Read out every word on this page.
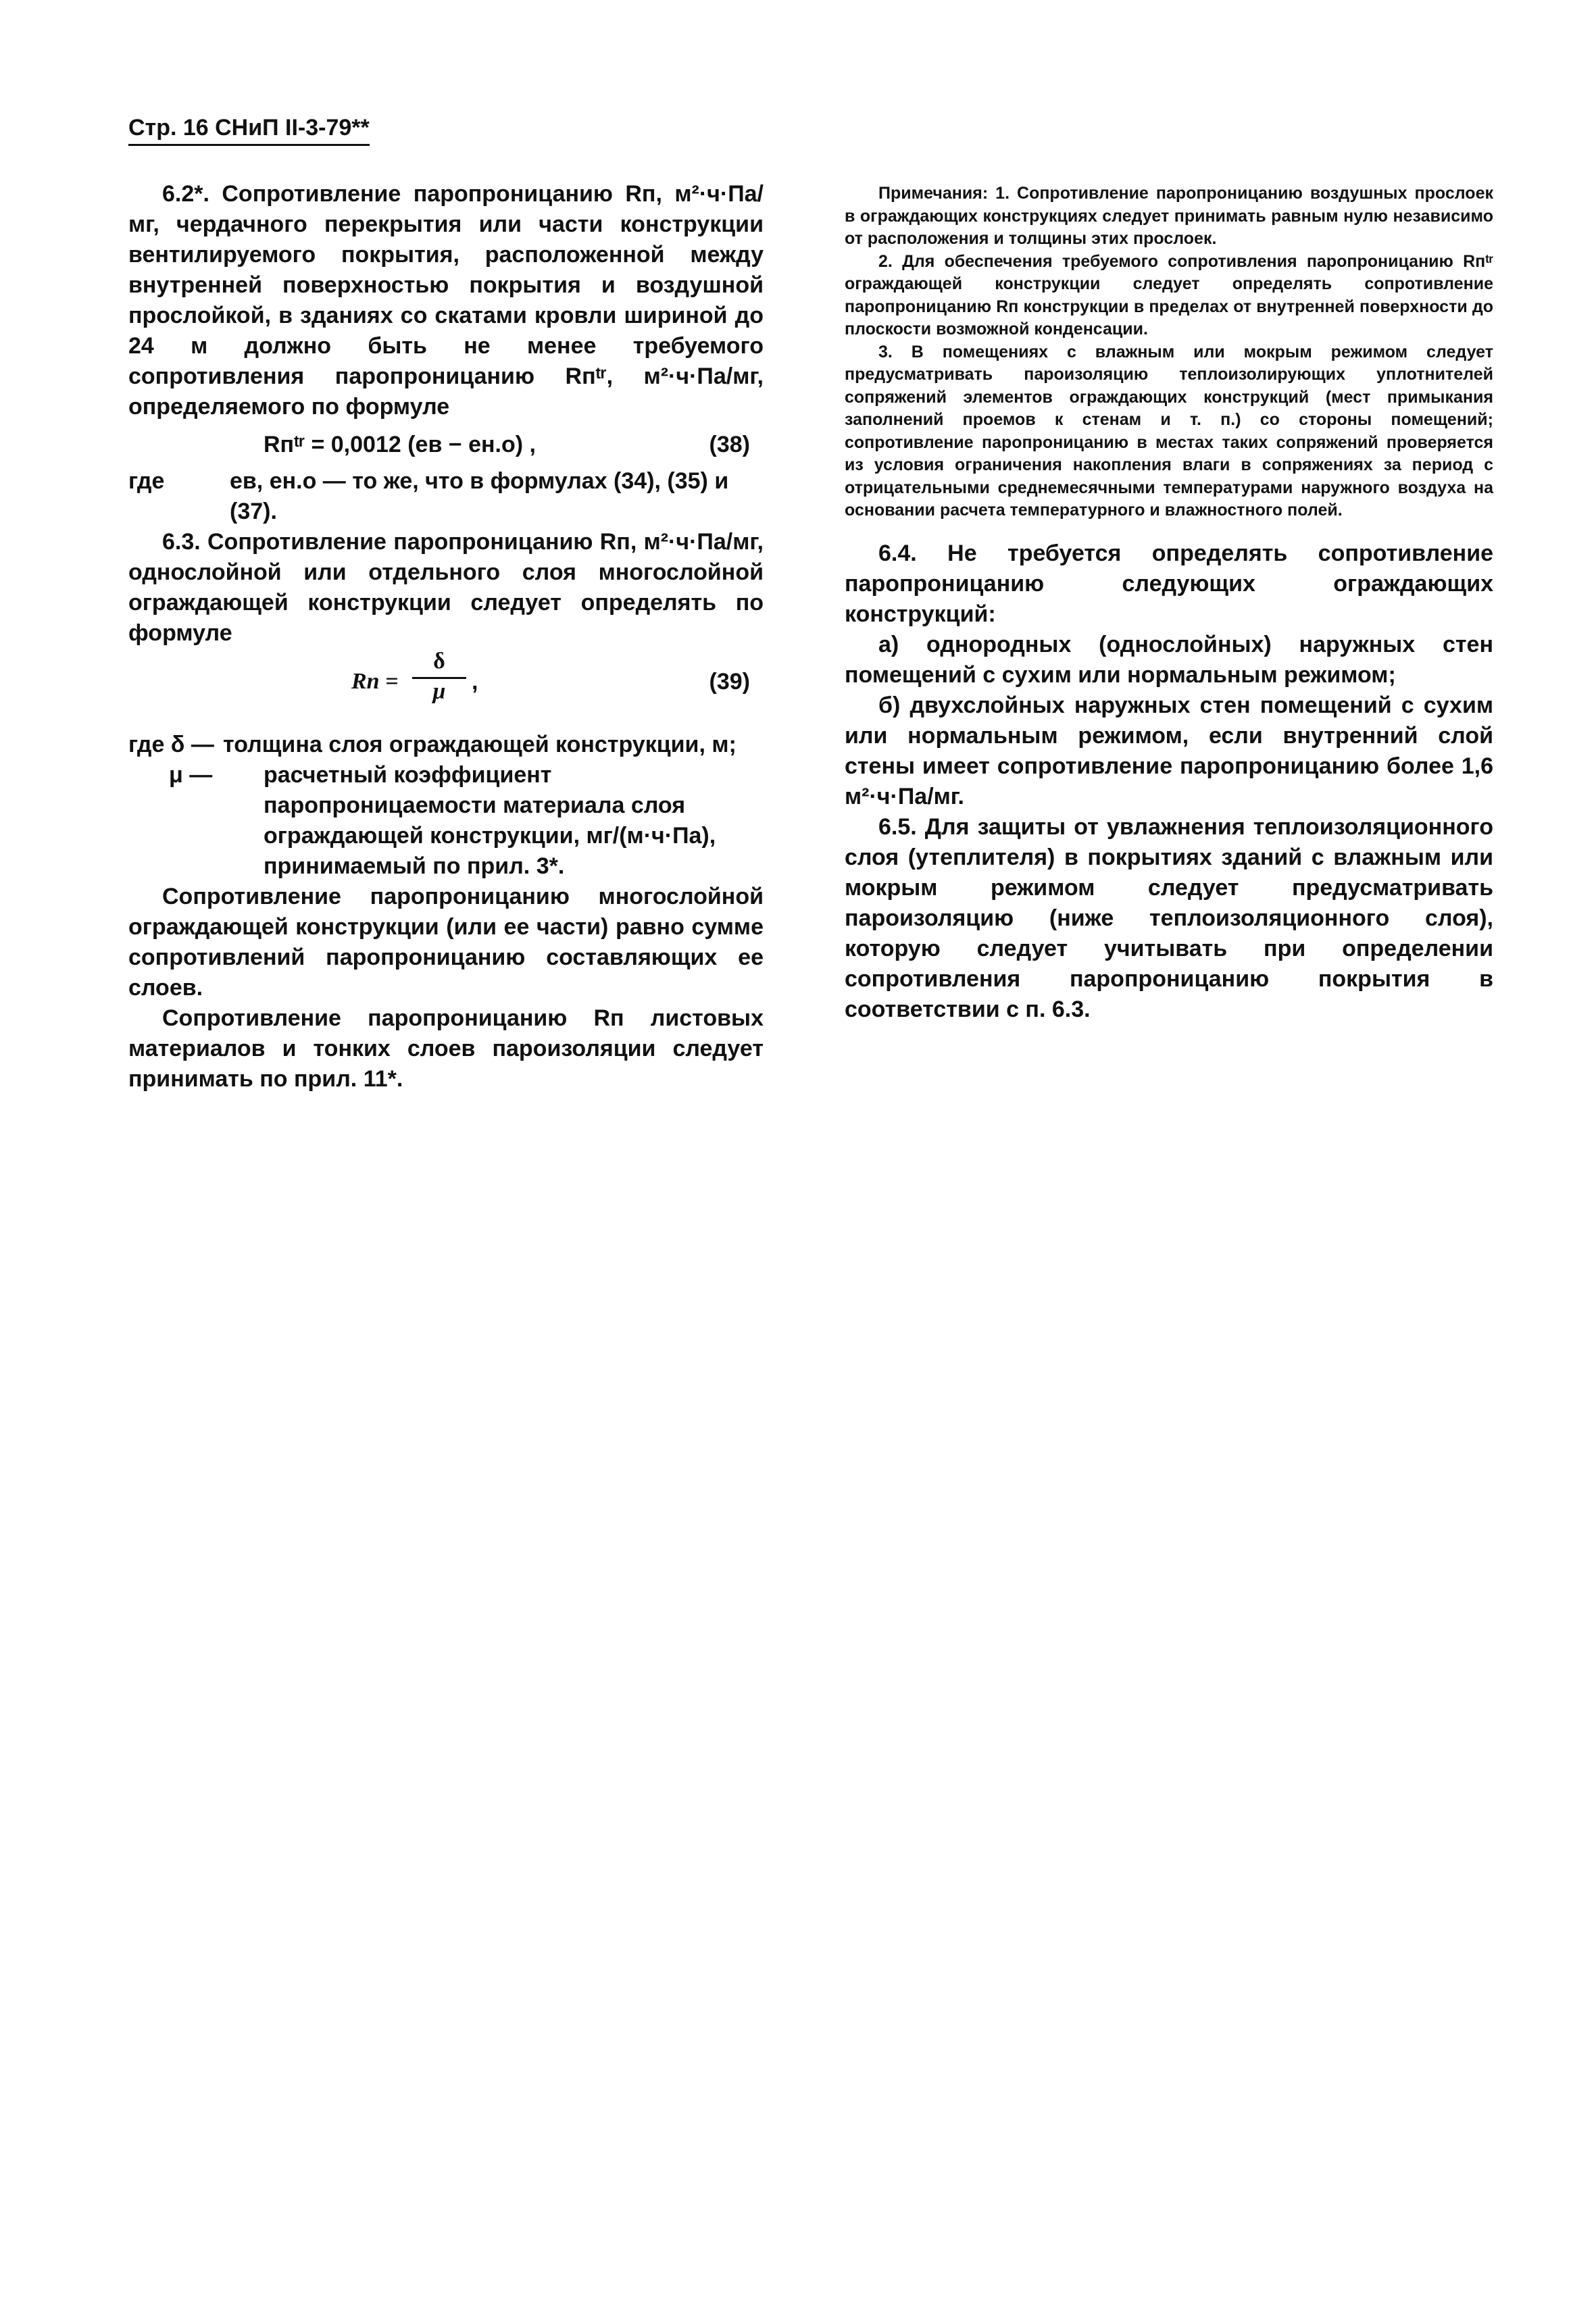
Стр. 16 СНиП II-3-79**

6.2*. Сопротивление паропроницанию Rп, м²·ч·Па/мг, чердачного перекрытия или части конструкции вентилируемого покрытия, расположенной между внутренней поверхностью покрытия и воздушной прослойкой, в зданиях со скатами кровли шириной до 24 м должно быть не менее требуемого сопротивления паропроницанию Rпᵗʳ, м²·ч·Па/мг, определяемого по формуле

Rпᵗʳ = 0,0012 (eв − eн.о) ,	(38)
где	eв, eн.о — то же, что в формулах (34), (35) и (37).

6.3. Сопротивление паропроницанию Rп, м²·ч·Па/мг, однослойной или отдельного слоя многослойной ограждающей конструкции следует определять по формуле

Rп = $\frac{\delta}{\mu}$ ,	(39)
где δ — толщина слоя ограждающей конструкции, м;
μ —	расчетный коэффициент паропроницаемости материала слоя ограждающей конструкции, мг/(м·ч·Па), принимаемый по прил. 3*.

Сопротивление паропроницанию многослойной ограждающей конструкции (или ее части) равно сумме сопротивлений паропроницанию составляющих ее слоев.

Сопротивление паропроницанию Rп листовых материалов и тонких слоев пароизоляции следует принимать по прил. 11*.

Примечания: 1. Сопротивление паропроницанию воздушных прослоек в ограждающих конструкциях следует принимать равным нулю независимо от расположения и толщины этих прослоек.

2. Для обеспечения требуемого сопротивления паропроницанию Rпᵗʳ ограждающей конструкции следует определять сопротивление паропроницанию Rп конструкции в пределах от внутренней поверхности до плоскости возможной конденсации.

3. В помещениях с влажным или мокрым режимом следует предусматривать пароизоляцию теплоизолирующих уплотнителей сопряжений элементов ограждающих конструкций (мест примыкания заполнений проемов к стенам и т. п.) со стороны помещений; сопротивление паропроницанию в местах таких сопряжений проверяется из условия ограничения накопления влаги в сопряжениях за период с отрицательными среднемесячными температурами наружного воздуха на основании расчета температурного и влажностного полей.

6.4. Не требуется определять сопротивление паропроницанию следующих ограждающих конструкций:

а) однородных (однослойных) наружных стен помещений с сухим или нормальным режимом;

б) двухслойных наружных стен помещений с сухим или нормальным режимом, если внутренний слой стены имеет сопротивление паропроницанию более 1,6 м²·ч·Па/мг.

6.5. Для защиты от увлажнения теплоизоляционного слоя (утеплителя) в покрытиях зданий с влажным или мокрым режимом следует предусматривать пароизоляцию (ниже теплоизоляционного слоя), которую следует учитывать при определении сопротивления паропроницанию покрытия в соответствии с п. 6.3.
